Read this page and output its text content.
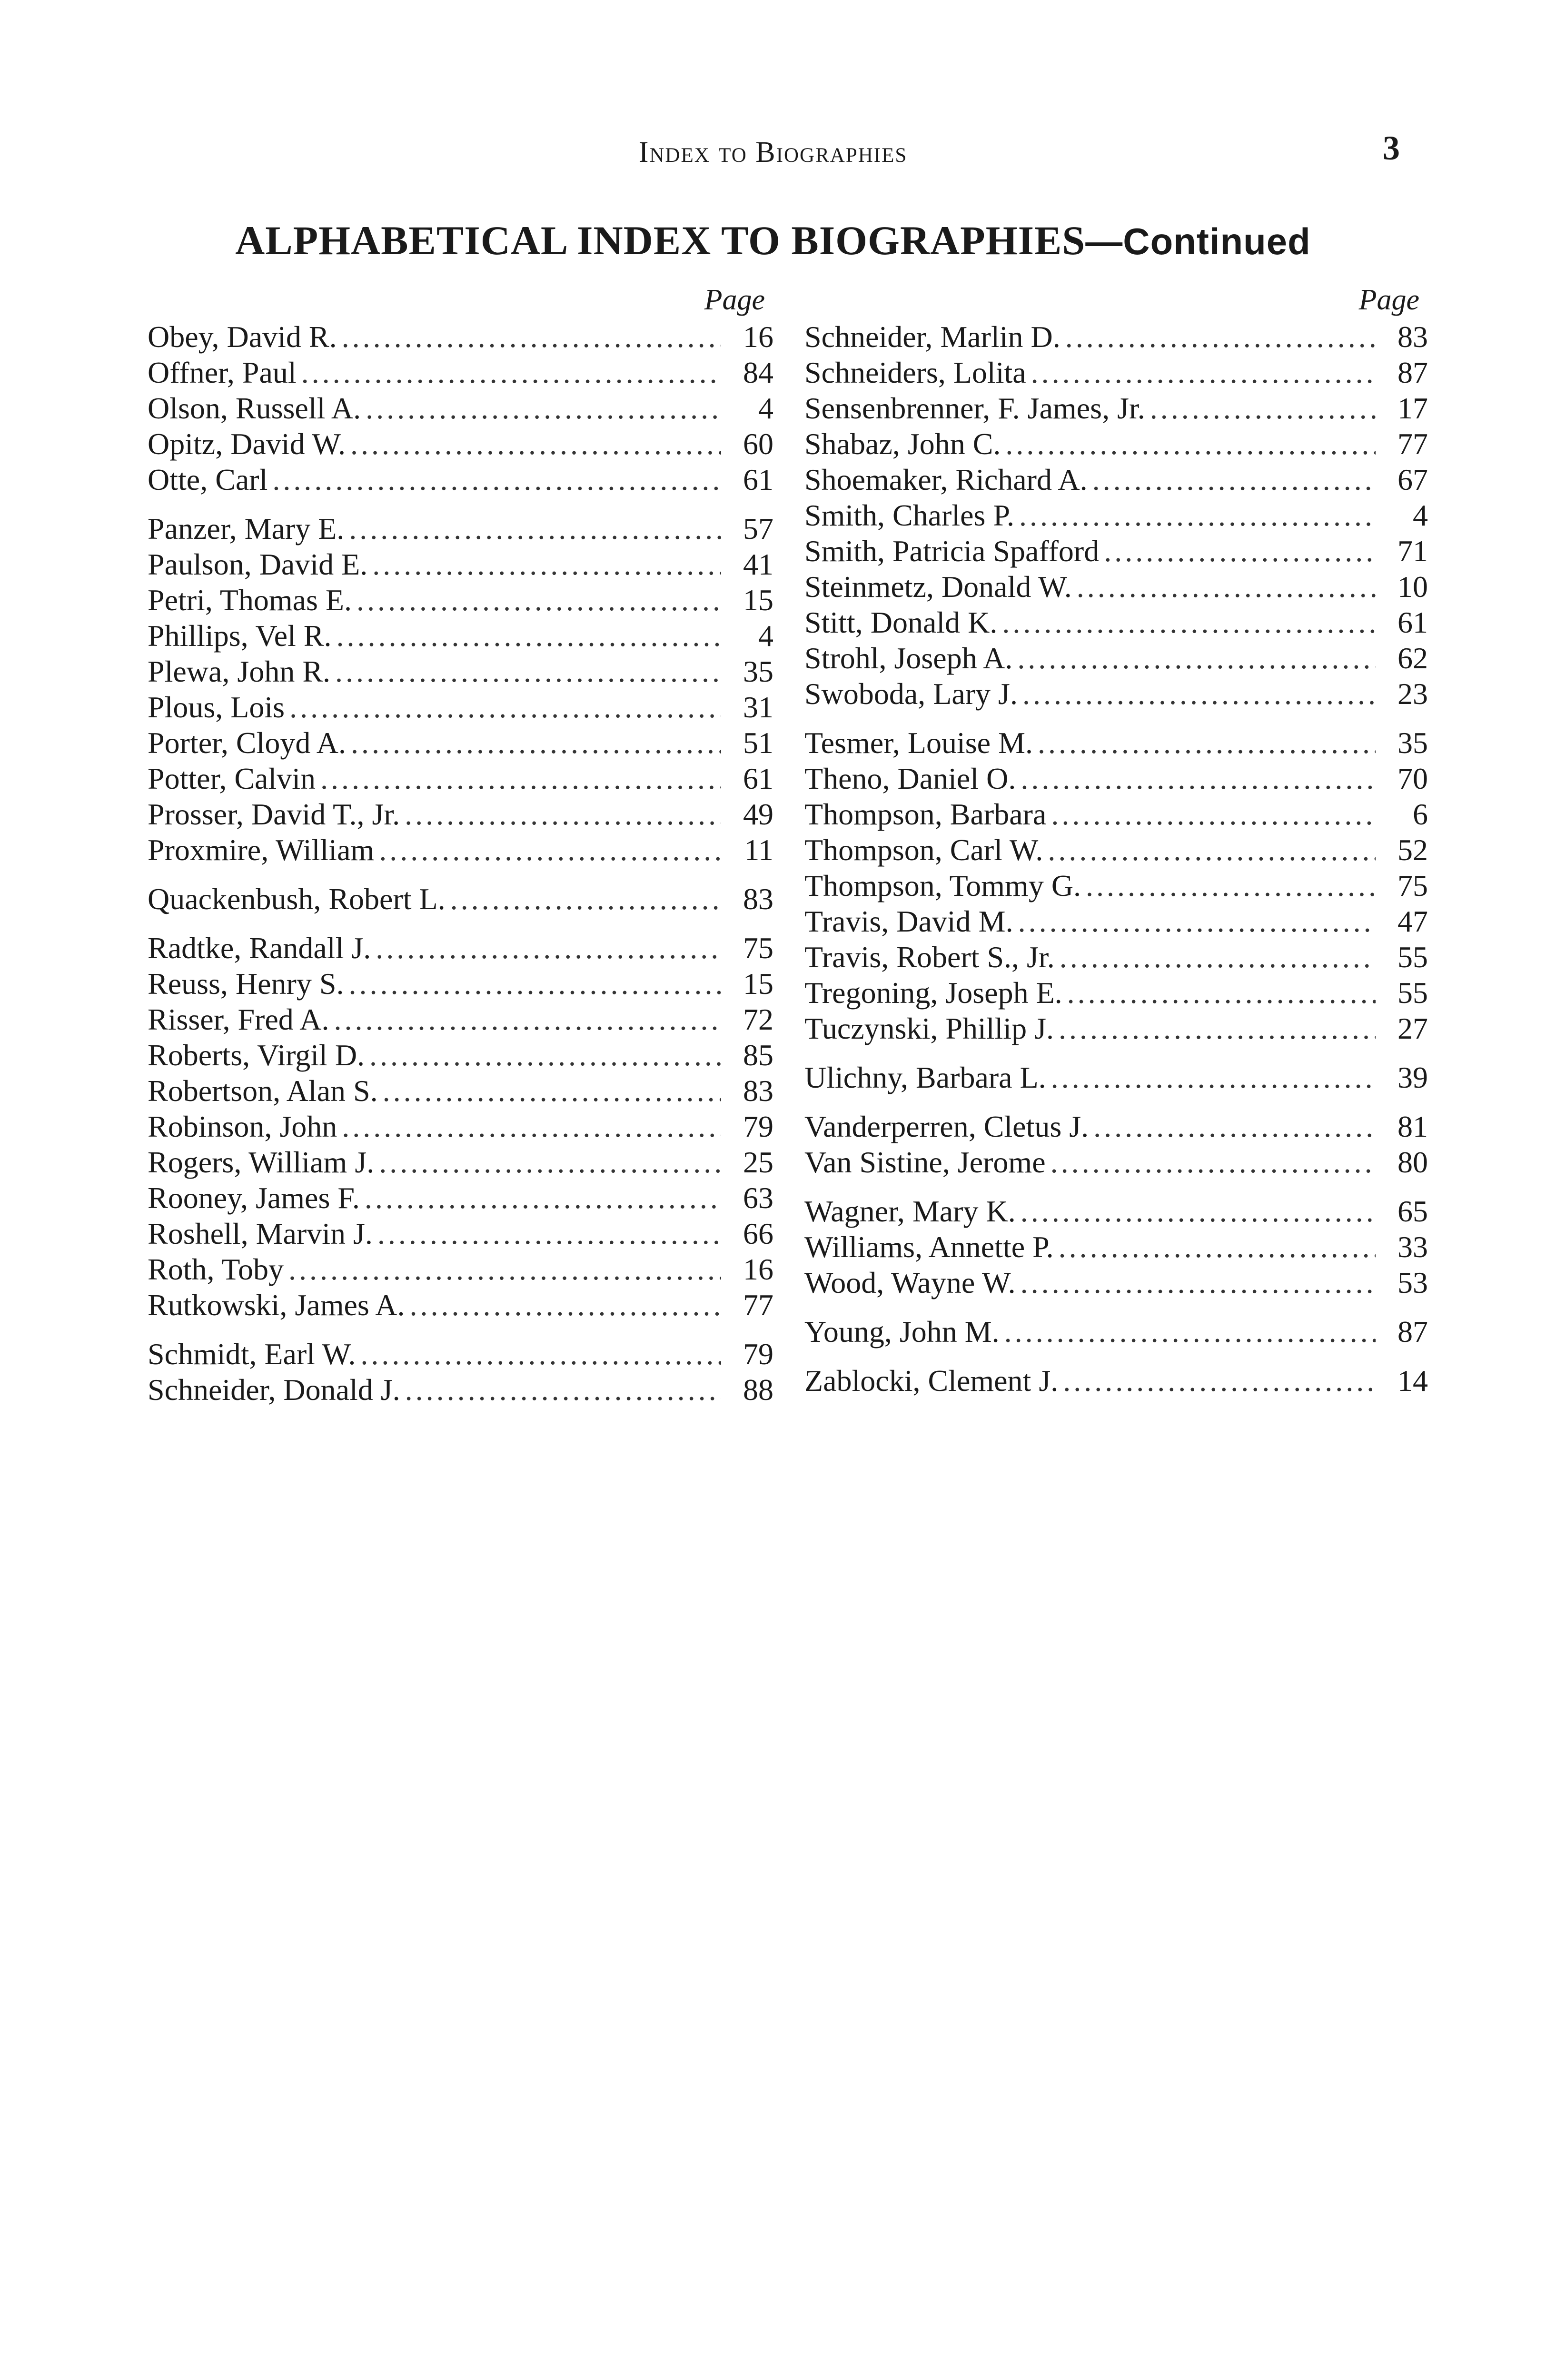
Index to Biographies	3
ALPHABETICAL INDEX TO BIOGRAPHIES—Continued
Page
Obey, David R. .....	16
Offner, Paul .....	84
Olson, Russell A. .....	4
Opitz, David W. .....	60
Otte, Carl .....	61
Panzer, Mary E. .....	57
Paulson, David E. .....	41
Petri, Thomas E. .....	15
Phillips, Vel R. .....	4
Plewa, John R. .....	35
Plous, Lois .....	31
Porter, Cloyd A. .....	51
Potter, Calvin .....	61
Prosser, David T., Jr. .....	49
Proxmire, William .....	11
Quackenbush, Robert L. .....	83
Radtke, Randall J. .....	75
Reuss, Henry S. .....	15
Risser, Fred A. .....	72
Roberts, Virgil D. .....	85
Robertson, Alan S. .....	83
Robinson, John .....	79
Rogers, William J. .....	25
Rooney, James F. .....	63
Roshell, Marvin J. .....	66
Roth, Toby .....	16
Rutkowski, James A. .....	77
Schmidt, Earl W. .....	79
Schneider, Donald J. .....	88
Page
Schneider, Marlin D. .....	83
Schneiders, Lolita .....	87
Sensenbrenner, F. James, Jr. .....	17
Shabaz, John C. .....	77
Shoemaker, Richard A. .....	67
Smith, Charles P. .....	4
Smith, Patricia Spafford .....	71
Steinmetz, Donald W. .....	10
Stitt, Donald K. .....	61
Strohl, Joseph A. .....	62
Swoboda, Lary J. .....	23
Tesmer, Louise M. .....	35
Theno, Daniel O. .....	70
Thompson, Barbara .....	6
Thompson, Carl W. .....	52
Thompson, Tommy G. .....	75
Travis, David M. .....	47
Travis, Robert S., Jr. .....	55
Tregoning, Joseph E. .....	55
Tuczynski, Phillip J. .....	27
Ulichny, Barbara L. .....	39
Vanderperren, Cletus J. .....	81
Van Sistine, Jerome .....	80
Wagner, Mary K. .....	65
Williams, Annette P. .....	33
Wood, Wayne W. .....	53
Young, John M. .....	87
Zablocki, Clement J. .....	14
